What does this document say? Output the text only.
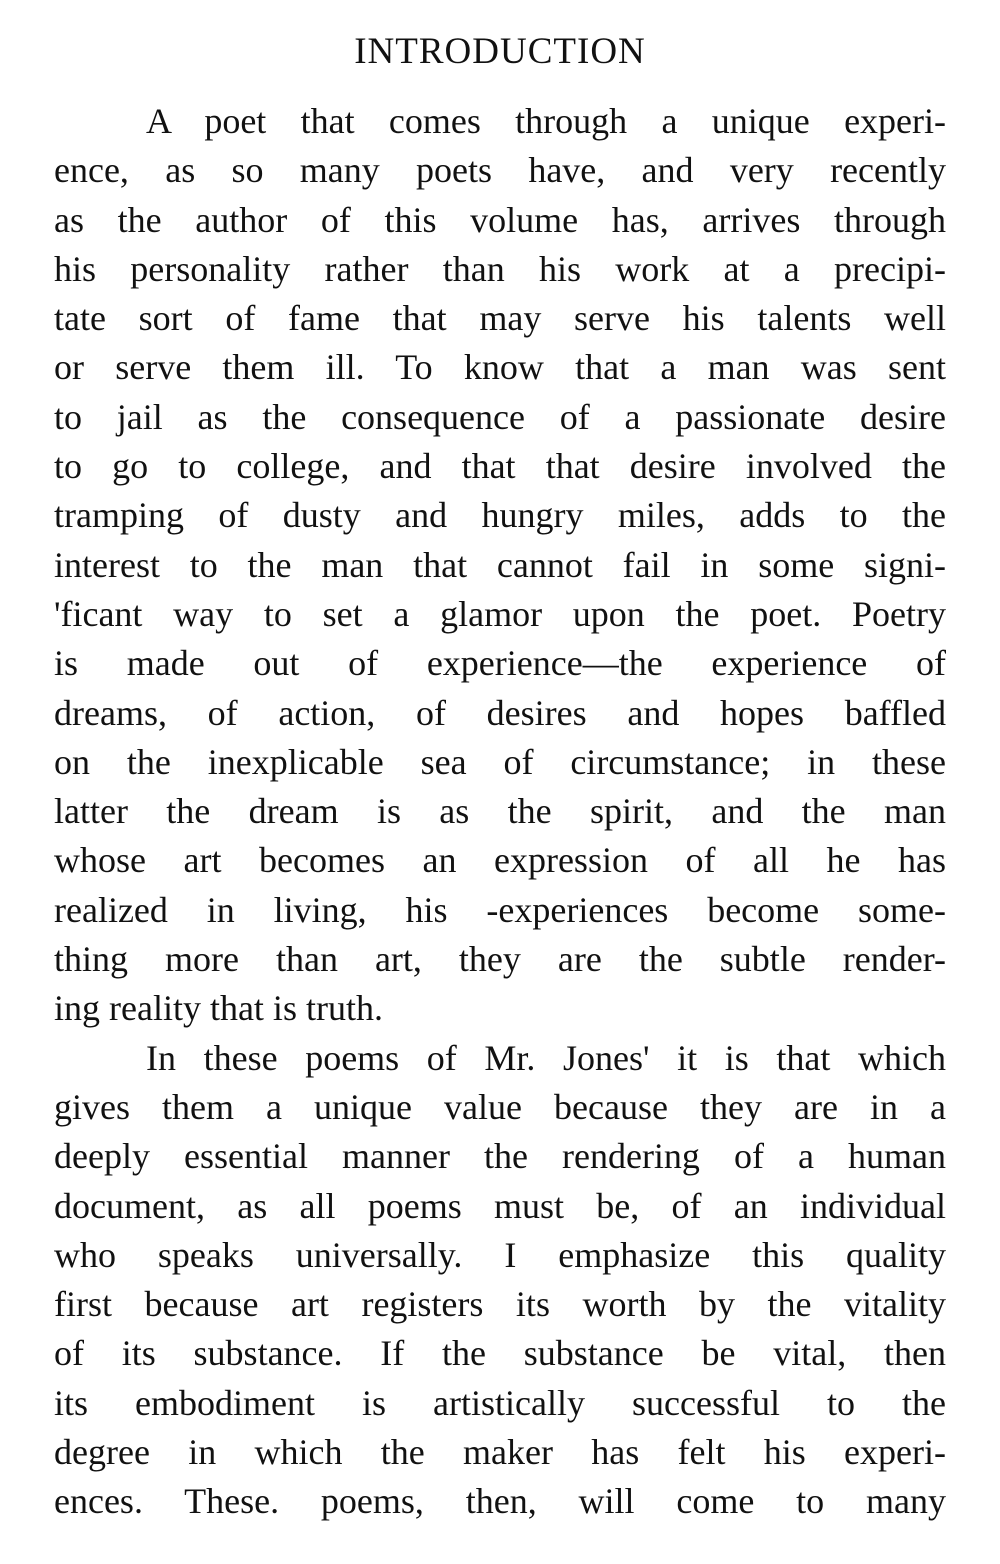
INTRODUCTION
A poet that comes through a unique experi-
ence, as so many poets have, and very recently
as the author of this volume has, arrives through
his personality rather than his work at a precipi-
tate sort of fame that may serve his talents well
or serve them ill. To know that a man was sent
to jail as the consequence of a passionate desire
to go to college, and that that desire involved the
tramping of dusty and hungry miles, adds to the
interest to the man that cannot fail in some signi-
'ficant way to set a glamor upon the poet. Poetry
is made out of experience—the experience of
dreams, of action, of desires and hopes baffled
on the inexplicable sea of circumstance; in these
latter the dream is as the spirit, and the man
whose art becomes an expression of all he has
realized in living, his -experiences become some-
thing more than art, they are the subtle render-
ing reality that is truth.
In these poems of Mr. Jones' it is that which
gives them a unique value because they are in a
deeply essential manner the rendering of a human
document, as all poems must be, of an individual
who speaks universally. I emphasize this quality
first because art registers its worth by the vitality
of its substance. If the substance be vital, then
its embodiment is artistically successful to the
degree in which the maker has felt his experi-
ences. These. poems, then, will come to many
